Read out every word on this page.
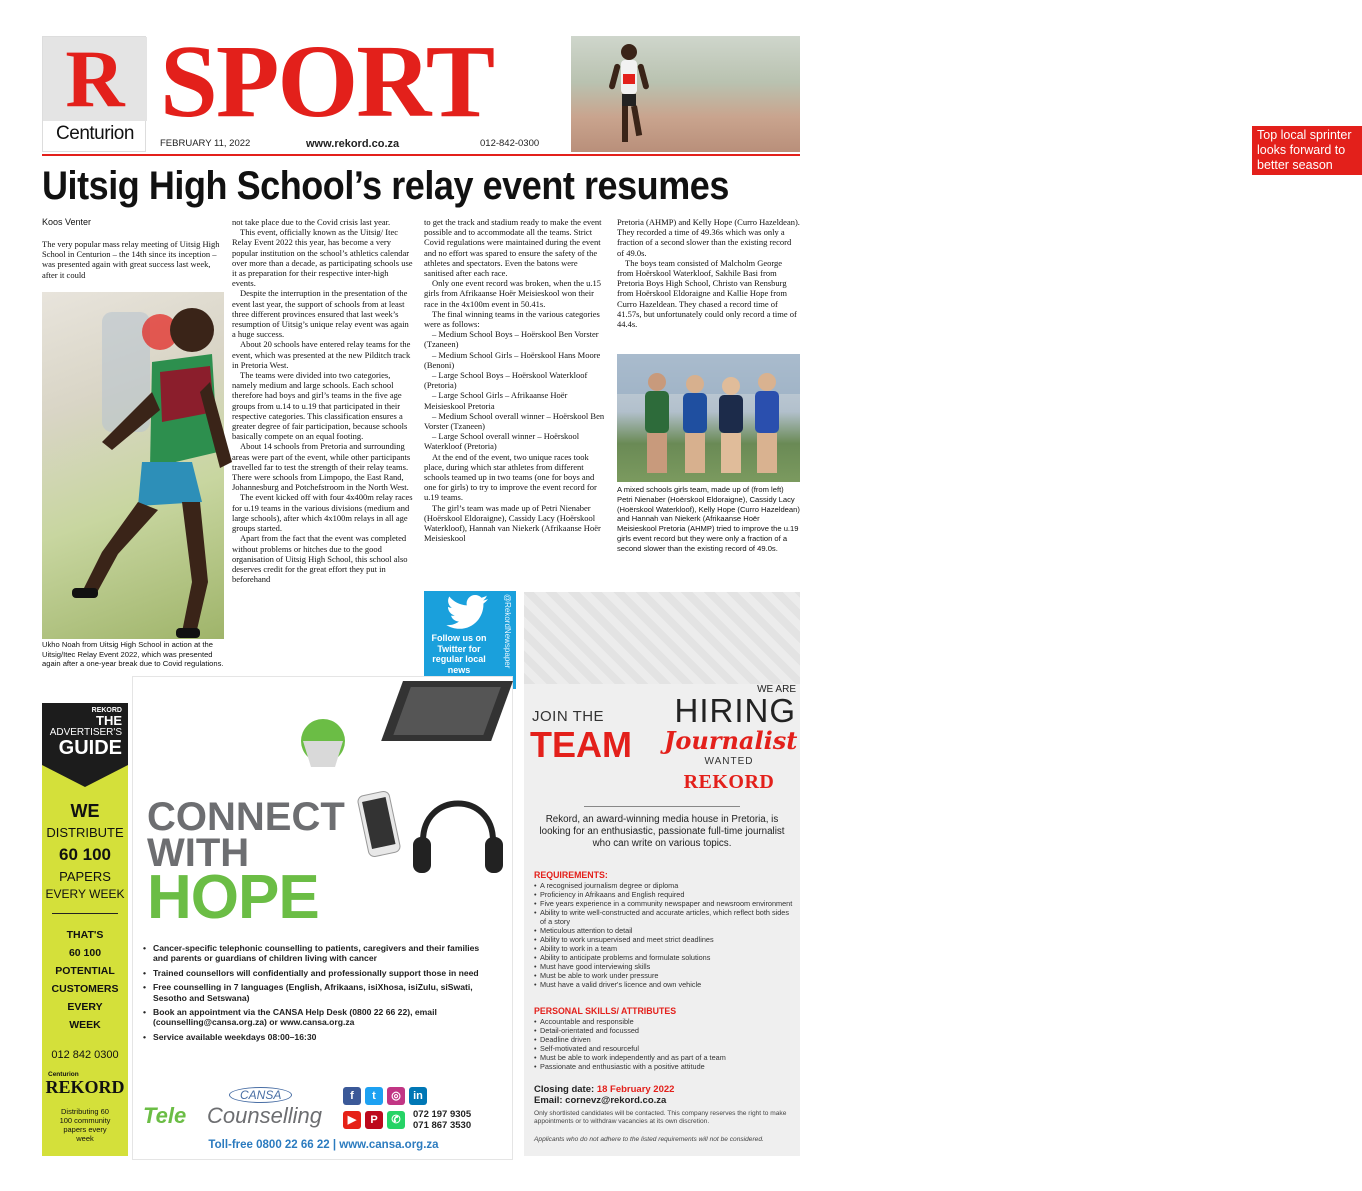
R
Centurion SPORT
FEBRUARY 11, 2022	www.rekord.co.za	012-842-0300
Top local sprinter looks forward to better season
Uitsig High School’s relay event resumes
Koos Venter

The very popular mass relay meeting of Uitsig High School in Centurion – the 14th since its inception – was presented again with great success last week, after it could

Ukho Noah from Uitsig High School in action at the Uitsig/Itec Relay Event 2022, which was presented again after a one-year break due to Covid regulations.

not take place due to the Covid crisis last year.

This event, officially known as the Uitsig/ Itec Relay Event 2022 this year, has become a very popular institution on the school’s athletics calendar over more than a decade, as participating schools use it as preparation for their respective inter-high events.

Despite the interruption in the presentation of the event last year, the support of schools from at least three different provinces ensured that last week’s resumption of Uitsig’s unique relay event was again a huge success.

About 20 schools have entered relay teams for the event, which was presented at the new Pilditch track in Pretoria West.

The teams were divided into two categories, namely medium and large schools. Each school therefore had boys and girl’s teams in the five age groups from u.14 to u.19 that participated in their respective categories. This classification ensures a greater degree of fair participation, because schools basically compete on an equal footing.

About 14 schools from Pretoria and surrounding areas were part of the event, while other participants travelled far to test the strength of their relay teams. There were schools from Limpopo, the East Rand, Johannesburg and Potchefstroom in the North West.

The event kicked off with four 4x400m relay races for u.19 teams in the various divisions (medium and large schools), after which 4x100m relays in all age groups started.

Apart from the fact that the event was completed without problems or hitches due to the good organisation of Uitsig High School, this school also deserves credit for the great effort they put in beforehand

to get the track and stadium ready to make the event possible and to accommodate all the teams. Strict Covid regulations were maintained during the event and no effort was spared to ensure the safety of the athletes and spectators. Even the batons were sanitised after each race.

Only one event record was broken, when the u.15 girls from Afrikaanse Hoër Meisieskool won their race in the 4x100m event in 50.41s.

The final winning teams in the various categories were as follows:

– Medium School Boys – Hoërskool Ben Vorster (Tzaneen)

– Medium School Girls – Hoërskool Hans Moore (Benoni)

– Large School Boys – Hoërskool Waterkloof (Pretoria)

– Large School Girls – Afrikaanse Hoër Meisieskool Pretoria

– Medium School overall winner – Hoërskool Ben Vorster (Tzaneen)

– Large School overall winner – Hoërskool Waterkloof (Pretoria)

At the end of the event, two unique races took place, during which star athletes from different schools teamed up in two teams (one for boys and one for girls) to try to improve the event record for u.19 teams.

The girl’s team was made up of Petri Nienaber (Hoërskool Eldoraigne), Cassidy Lacy (Hoërskool Waterkloof), Hannah van Niekerk (Afrikaanse Hoër Meisieskool

Pretoria (AHMP) and Kelly Hope (Curro Hazeldean). They recorded a time of 49.36s which was only a fraction of a second slower than the existing record of 49.0s.

The boys team consisted of Malcholm George from Hoërskool Waterkloof, Sakhile Basi from Pretoria Boys High School, Christo van Rensburg from Hoërskool Eldoraigne and Kallie Hope from Curro Hazeldean. They chased a record time of 41.57s, but unfortunately could only record a time of 44.4s.

A mixed schools girls team, made up of (from left) Petri Nienaber (Hoërskool Eldoraigne), Cassidy Lacy (Hoërskool Waterkloof), Kelly Hope (Curro Hazeldean) and Hannah van Niekerk (Afrikaanse Hoër Meisieskool Pretoria (AHMP) tried to improve the u.19 girls event record but they were only a fraction of a second slower than the existing record of 49.0s.
Follow us on Twitter for regular local news
@RekordNewspaper
REKORD
THE
ADVERTISER'S
GUIDE
WE
DISTRIBUTE
60 100
PAPERS
EVERY WEEK
THAT'S
60 100
POTENTIAL
CUSTOMERS
EVERY
WEEK
012 842 0300
Centurion
REKORD
Distributing 60 100 community papers every week
CONNECT
WITH
HOPE
• Cancer-specific telephonic counselling to patients, caregivers and their families and parents or guardians of children living with cancer
• Trained counsellors will confidentially and professionally support those in need
• Free counselling in 7 languages (English, Afrikaans, isiXhosa, isiZulu, siSwati, Sesotho and Setswana)
• Book an appointment via the CANSA Help Desk (0800 22 66 22), email (counselling@cansa.org.za) or www.cansa.org.za
• Service available weekdays 08:00–16:30
CANSA
Tele Counselling
f	t	◎	in
▶	P	✆	072 197 9305
071 867 3530
Toll-free 0800 22 66 22 | www.cansa.org.za
JOIN THE
TEAM
WE ARE
HIRING
Journalist
WANTED
REKORD
Rekord, an award-winning media house in Pretoria, is looking for an enthusiastic, passionate full-time journalist who can write on various topics.
REQUIREMENTS:
• A recognised journalism degree or diploma
• Proficiency in Afrikaans and English required
• Five years experience in a community newspaper and newsroom environment
• Ability to write well-constructed and accurate articles, which reflect both sides of a story
• Meticulous attention to detail
• Ability to work unsupervised and meet strict deadlines
• Ability to work in a team
• Ability to anticipate problems and formulate solutions
• Must have good interviewing skills
• Must be able to work under pressure
• Must have a valid driver's licence and own vehicle
PERSONAL SKILLS/ ATTRIBUTES
• Accountable and responsible
• Detail-orientated and focussed
• Deadline driven
• Self-motivated and resourceful
• Must be able to work independently and as part of a team
• Passionate and enthusiastic with a positive attitude
Closing date: 18 February 2022
Email: cornevz@rekord.co.za
Only shortlisted candidates will be contacted. This company reserves the right to make appointments or to withdraw vacancies at its own discretion.
Applicants who do not adhere to the listed requirements will not be considered.
